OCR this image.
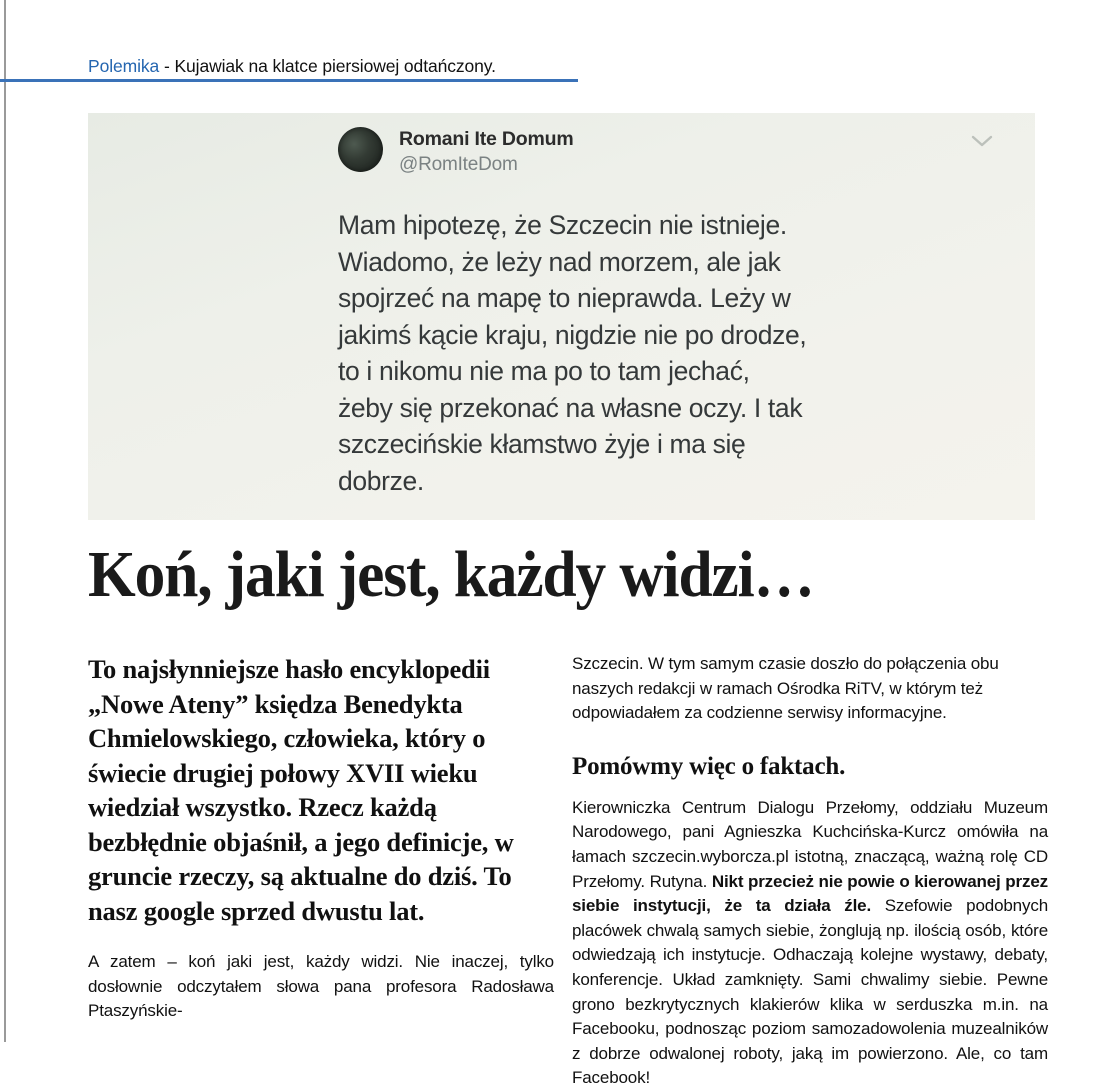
Polemika - Kujawiak na klatce piersiowej odtańczony.
Romani Ite Domum
@RomIteDom
Mam hipotezę, że Szczecin nie istnieje. Wiadomo, że leży nad morzem, ale jak spojrzeć na mapę to nieprawda. Leży w jakimś kącie kraju, nigdzie nie po drodze, to i nikomu nie ma po to tam jechać, żeby się przekonać na własne oczy. I tak szczecińskie kłamstwo żyje i ma się dobrze.
Koń, jaki jest, każdy widzi…

To najsłynniejsze hasło encyklopedii „Nowe Ateny” księdza Benedykta Chmielowskiego, człowieka, który o świecie drugiej połowy XVII wieku wiedział wszystko. Rzecz każdą bezbłędnie objaśnił, a jego definicje, w gruncie rzeczy, są aktualne do dziś. To nasz google sprzed dwustu lat.

A zatem – koń jaki jest, każdy widzi. Nie inaczej, tylko dosłownie odczytałem słowa pana profesora Radosława Ptaszyńskie-

Szczecin. W tym samym czasie doszło do połączenia obu naszych redakcji w ramach Ośrodka RiTV, w którym też odpowiadałem za codzienne serwisy informacyjne.

Pomówmy więc o faktach.

Kierowniczka Centrum Dialogu Przełomy, oddziału Muzeum Narodowego, pani Agnieszka Kuchcińska-Kurcz omówiła na łamach szczecin.wyborcza.pl istotną, znaczącą, ważną rolę CD Przełomy. Rutyna. Nikt przecież nie powie o kierowanej przez siebie instytucji, że ta działa źle. Szefowie podobnych placówek chwalą samych siebie, żonglują np. ilością osób, które odwiedzają ich instytucje. Odhaczają kolejne wystawy, debaty, konferencje. Układ zamknięty. Sami chwalimy siebie. Pewne grono bezkrytycznych klakierów klika w serduszka m.in. na Facebooku, podnosząc poziom samozadowolenia muzealników z dobrze odwalonej roboty, jaką im powierzono. Ale, co tam Facebook!
